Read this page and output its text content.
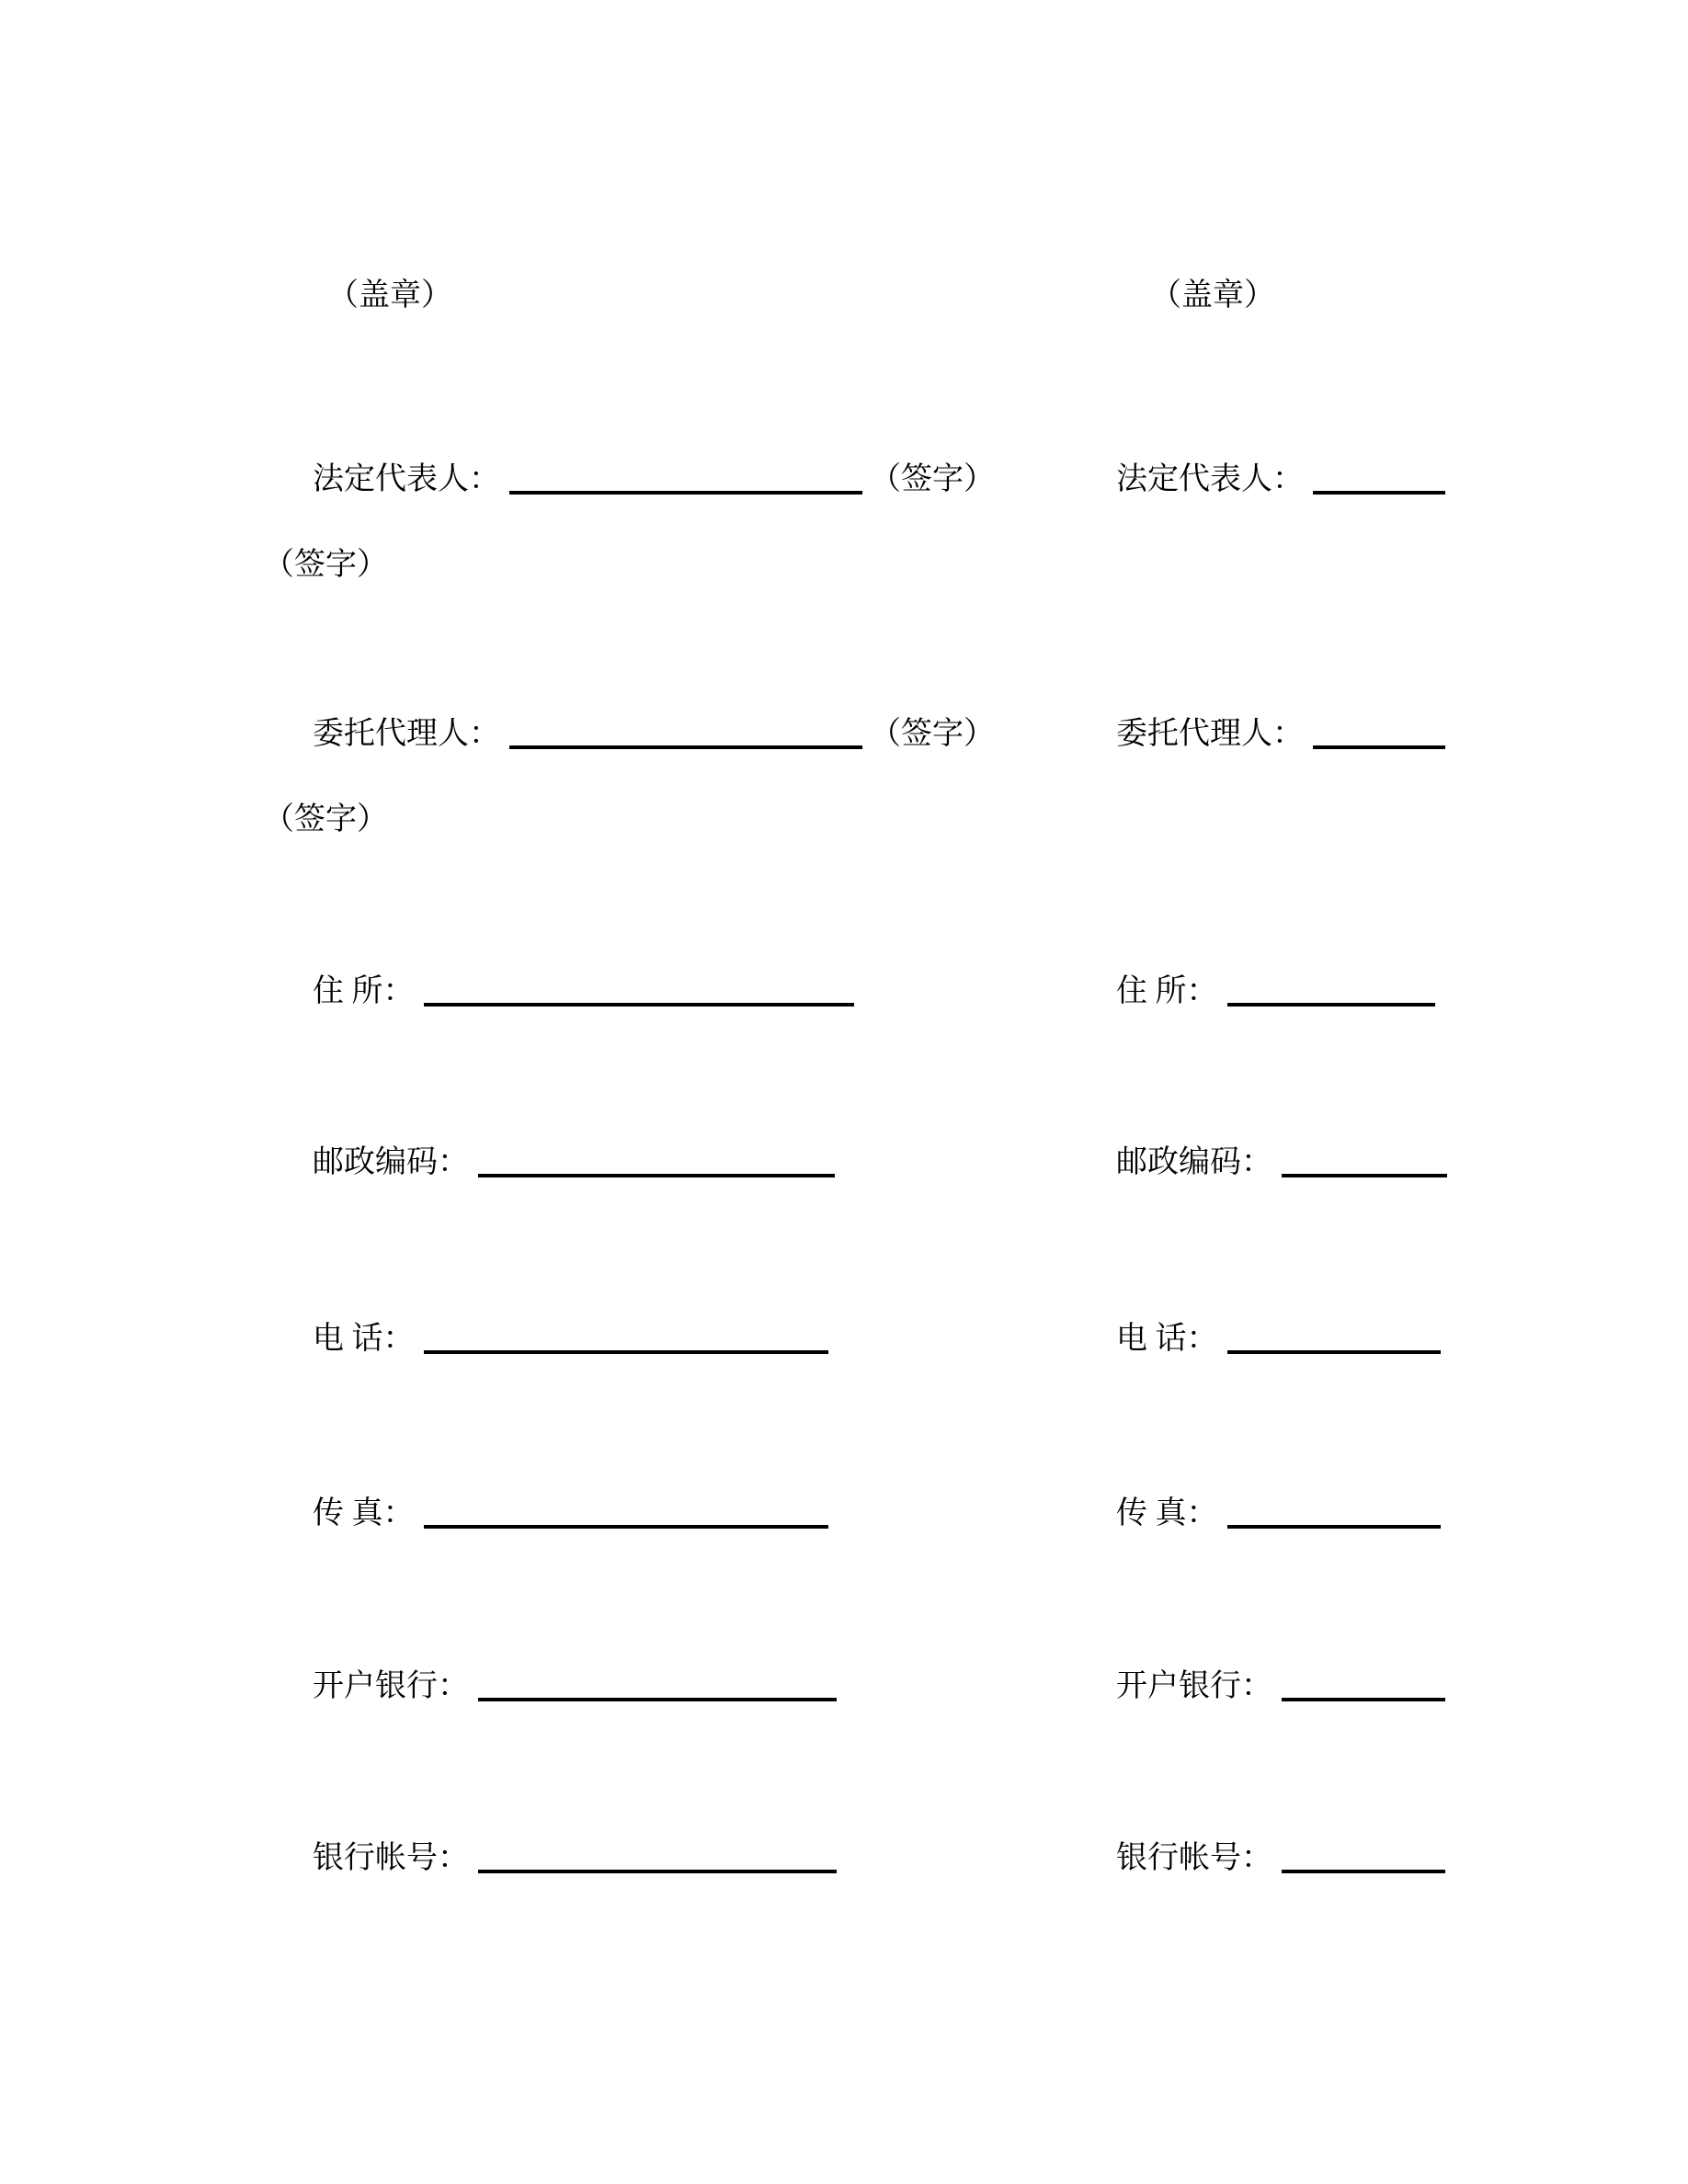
（盖章）	（盖章）
法定代表人：	（签字）	法定代表人：
（签字）
委托代理人：	（签字）	委托代理人：
（签字）
住 所：	住 所：
邮政编码：	邮政编码：
电 话：	电 话：
传 真：	传 真：
开户银行：	开户银行：
银行帐号：	银行帐号：
